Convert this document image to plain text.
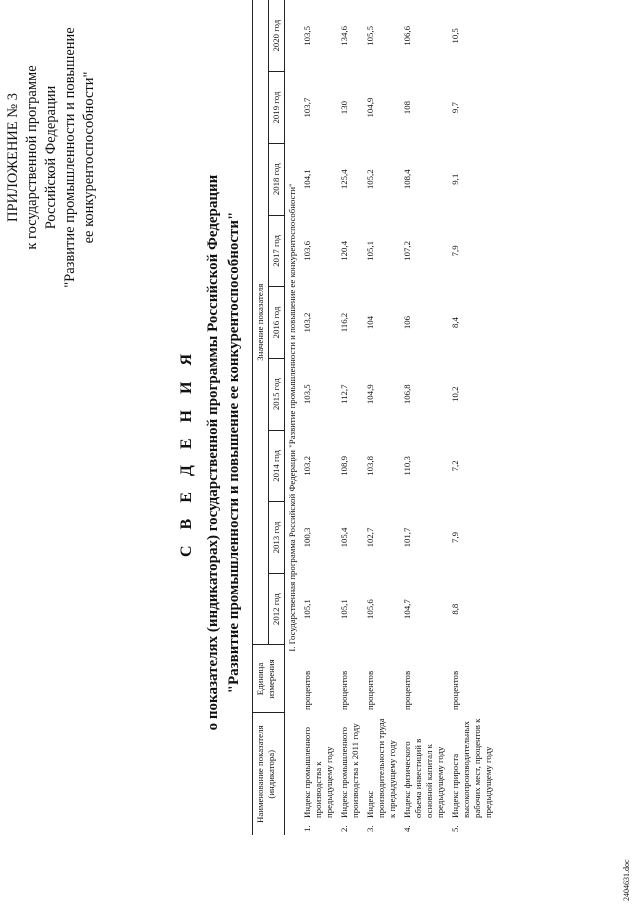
ПРИЛОЖЕНИЕ № 3 к государственной программе Российской Федерации "Развитие промышленности и повышение ее конкурентоспособности"
С В Е Д Е Н И Я о показателях (индикаторах) государственной программы Российской Федерации "Развитие промышленности и повышение ее конкурентоспособности"
Наименование показателя (индикатора)		Единица измерения	Значение показателя								
			2012 год	2013 год	2014 год	2015 год	2016 год	2017 год	2018 год	2019 год	2020 год
I. Государственная программа Российской Федерации "Развитие промышленности и повышение ее конкурентоспособности"											
1.	Индекс промышленного производства к предыдущему году	процентов	105,1	100,3	103,2	103,5	103,2	103,6	104,1	103,7	103,5
2.	Индекс промышленного производства к 2011 году	процентов	105,1	105,4	108,9	112,7	116,2	120,4	125,4	130	134,6
3.	Индекс производительности труда к предыдущему году	процентов	105,6	102,7	103,8	104,9	104	105,1	105,2	104,9	105,5
4.	Индекс физического объема инвестиций в основной капитал к предыдущему году	процентов	104,7	101,7	110,3	106,8	106	107,2	108,4	108	106,6
5.	Индекс прироста высокопроизводительных рабочих мест, процентов к предыдущему году	процентов	8,8	7,9	7,2	10,2	8,4	7,9	9,1	9,7	10,5
2404631.doc
